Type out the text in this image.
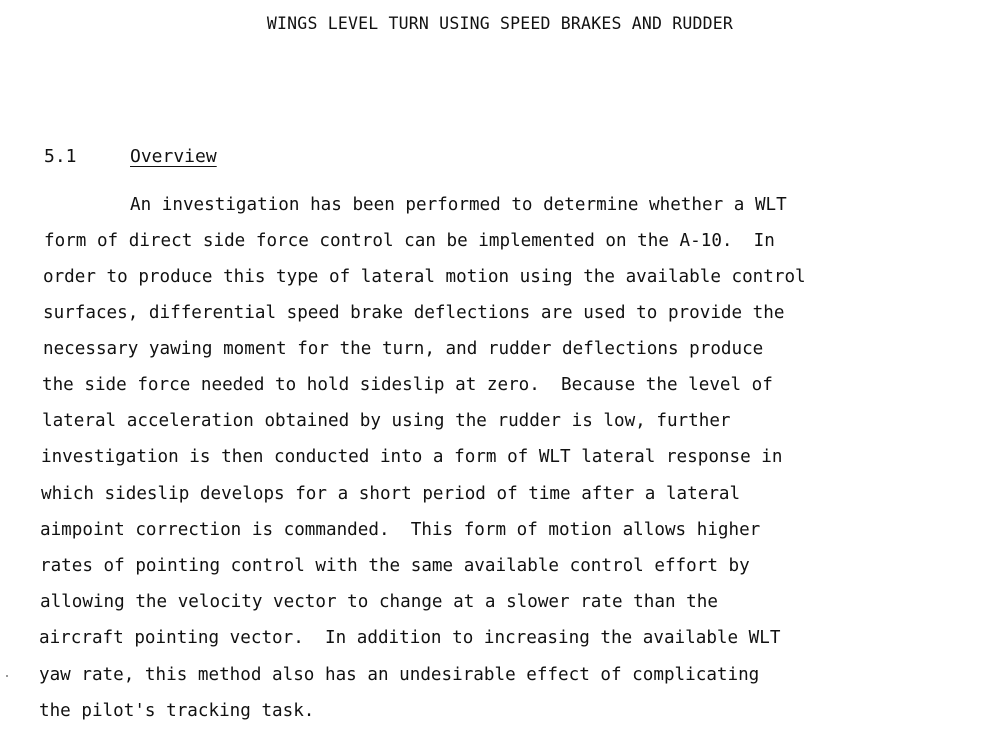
WINGS LEVEL TURN USING SPEED BRAKES AND RUDDER
5.1	Overview
An investigation has been performed to determine whether a WLT
form of direct side force control can be implemented on the A-10.  In
order to produce this type of lateral motion using the available control
surfaces, differential speed brake deflections are used to provide the
necessary yawing moment for the turn, and rudder deflections produce
the side force needed to hold sideslip at zero.  Because the level of
lateral acceleration obtained by using the rudder is low, further
investigation is then conducted into a form of WLT lateral response in
which sideslip develops for a short period of time after a lateral
aimpoint correction is commanded.  This form of motion allows higher
rates of pointing control with the same available control effort by
allowing the velocity vector to change at a slower rate than the
aircraft pointing vector.  In addition to increasing the available WLT
yaw rate, this method also has an undesirable effect of complicating
the pilot's tracking task.
